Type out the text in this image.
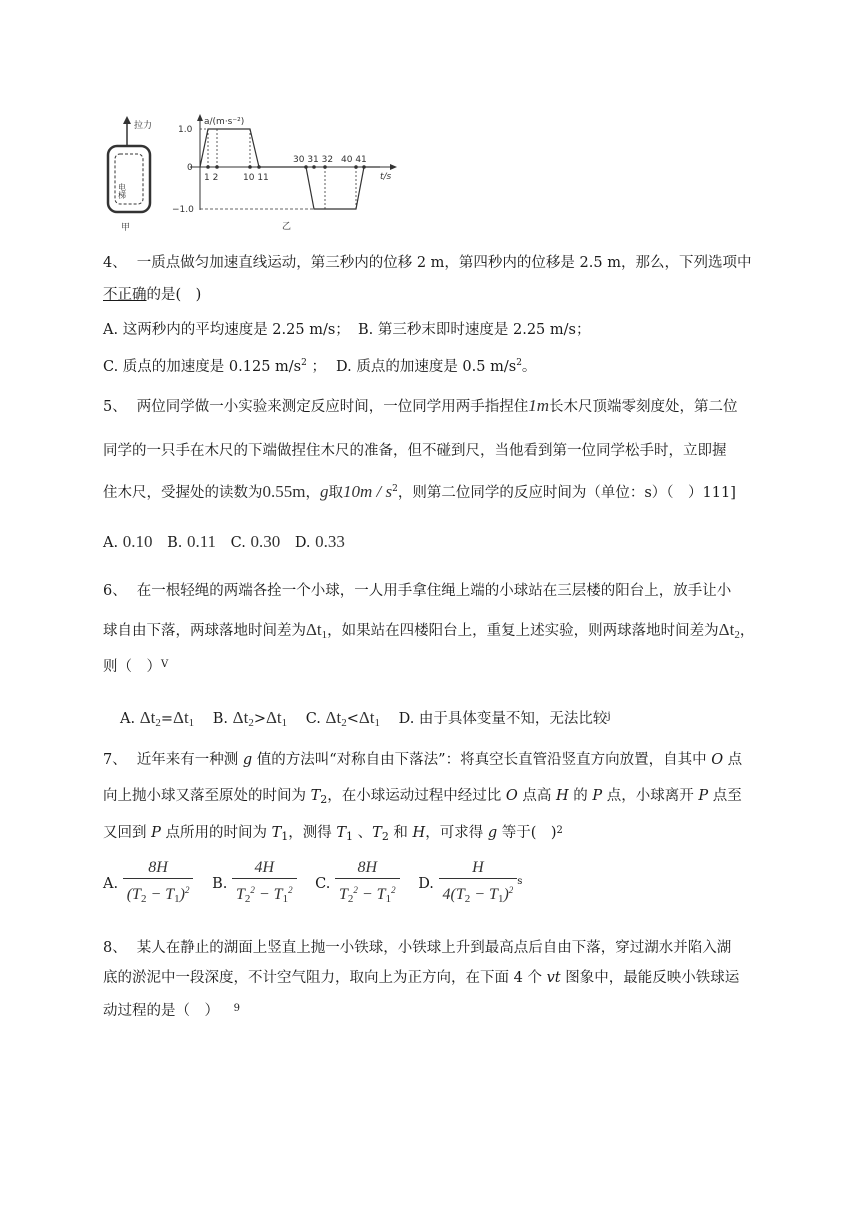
拉力
电梯
甲
a/(m·s⁻²)
t/s
1.0
0
−1.0
1 2	10 11
30 31 32 40 41
乙
4、 一质点做匀加速直线运动，第三秒内的位移 2 m，第四秒内的位移是 2.5 m，那么，下列选项中
不正确的是(　)
A. 这两秒内的平均速度是 2.25 m/s； B. 第三秒末即时速度是 2.25 m/s；
C. 质点的加速度是 0.125 $m/s^2$ ； D. 质点的加速度是 0.5 $m/s^2$。
5、 两位同学做一小实验来测定反应时间，一位同学用两手指捏住1m长木尺顶端零刻度处，第二位
同学的一只手在木尺的下端做捏住木尺的准备，但不碰到尺，当他看到第一位同学松手时，立即握
住木尺，受握处的读数为0.55m，g取$10m / s^2$，则第二位同学的反应时间为（单位：s）（　）111]
A. 0.10 B. 0.11 C. 0.30 D. 0.33
6、 在一根轻绳的两端各拴一个小球，一人用手拿住绳上端的小球站在三层楼的阳台上，放手让小
球自由下落，两球落地时间差为$\Delta t_1$，如果站在四楼阳台上，重复上述实验，则两球落地时间差为$\Delta t_2$，
则（　）$^V$
A. $\Delta t_2=\Delta t_1$ B. $\Delta t_2>\Delta t_1$ C. $\Delta t_2<\Delta t_1$ D. 由于具体变量不知，无法比较$^j$
7、 近年来有一种测 g 值的方法叫“对称自由下落法”：将真空长直管沿竖直方向放置，自其中 O 点
向上抛小球又落至原处的时间为 $T_2$，在小球运动过程中经过比 O 点高 H 的 P 点，小球离开 P 点至
又回到 P 点所用的时间为 $T_1$，测得 $T_1$ 、$T_2$ 和 H，可求得 g 等于(　)$^2$
A. $\frac{8H}{(T_2 - T_1)^2} B$. $\frac{4H}{T_2^2 - T_1^2} C$. $\frac{8H}{T_2^2 - T_1^2} D$. $\frac{H}{4(T_2 - T_1)^2} ^s$
8、 某人在静止的湖面上竖直上抛一小铁球，小铁球上升到最高点后自由下落，穿过湖水并陷入湖
底的淤泥中一段深度，不计空气阻力，取向上为正方向，在下面 4 个 vt 图象中，最能反映小铁球运
动过程的是（　） $^9$
